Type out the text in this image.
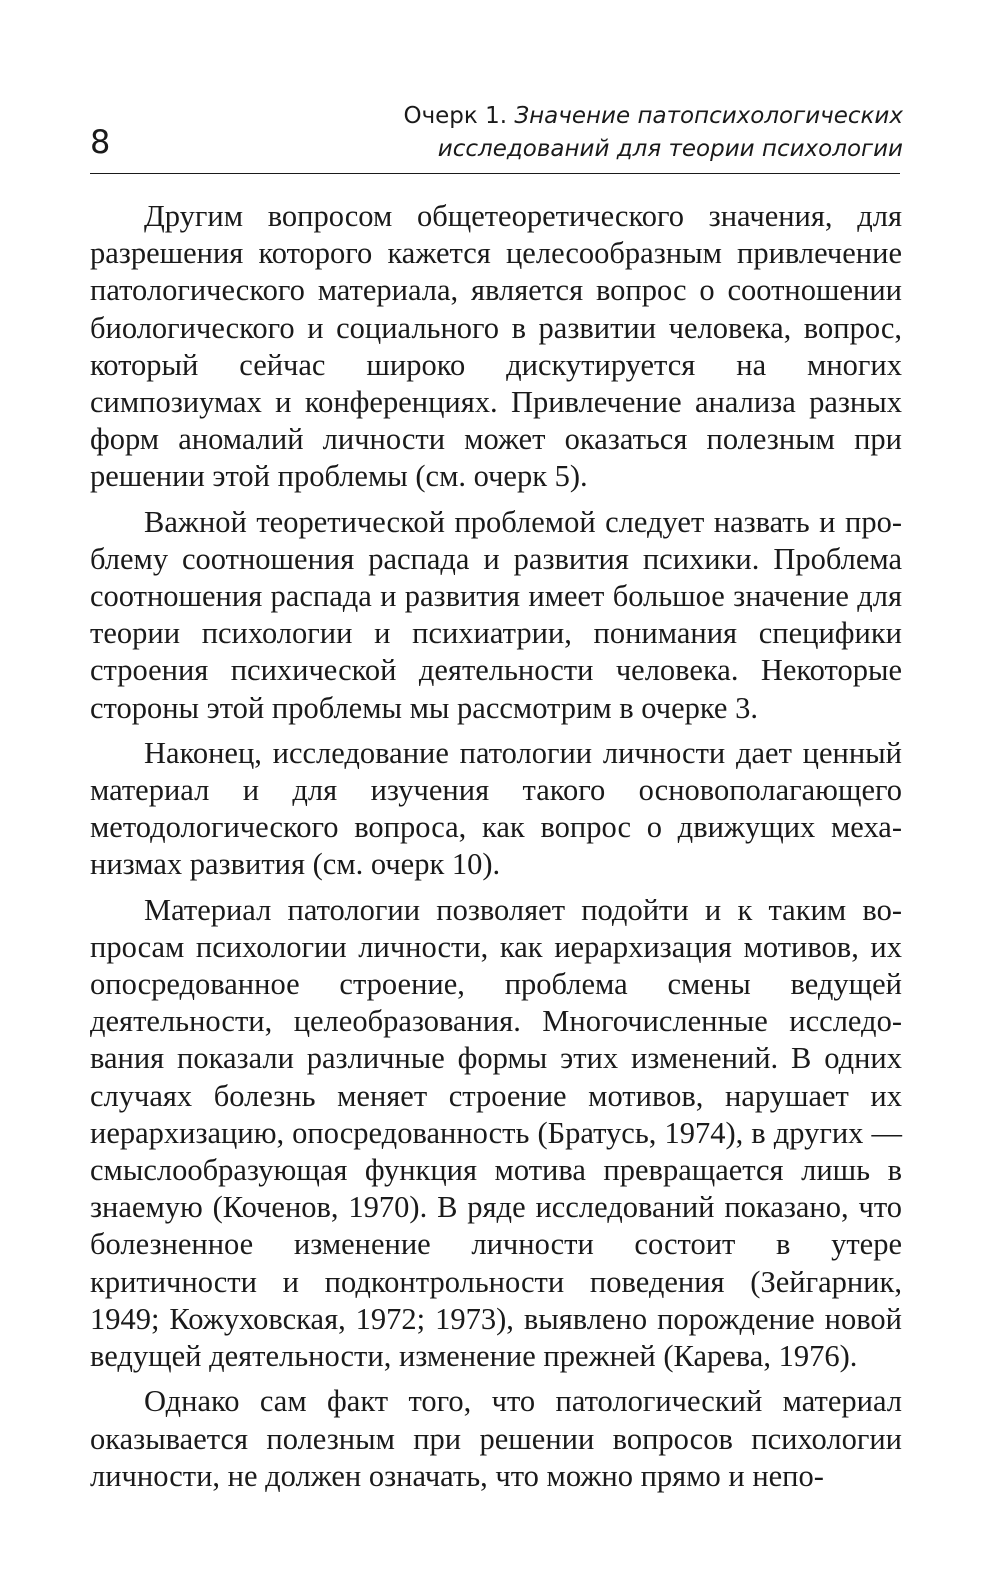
8
Очерк 1. Значение патопсихологических
исследований для теории психологии

Другим вопросом общетеоретического значения, для разрешения которого кажется целесообразным привлечение патологического материала, является вопрос о соотношении биологического и социального в развитии человека, вопрос, который сейчас широко дискутируется на многих симпозиумах и конференциях. Привлечение анализа разных форм аномалий личности может оказаться полезным при решении этой проблемы (см. очерк 5).

Важной теоретической проблемой следует назвать и проблему соотношения распада и развития психики. Проблема соотношения распада и развития имеет большое значение для теории психологии и психиатрии, понимания специфики строения психической деятельности человека. Некоторые стороны этой проблемы мы рассмотрим в очерке 3.

Наконец, исследование патологии личности дает ценный материал и для изучения такого основополагающего методологического вопроса, как вопрос о движущих механизмах развития (см. очерк 10).

Материал патологии позволяет подойти и к таким вопросам психологии личности, как иерархизация мотивов, их опосредованное строение, проблема смены ведущей деятельности, целеобразования. Многочисленные исследования показали различные формы этих изменений. В одних случаях болезнь меняет строение мотивов, нарушает их иерархизацию, опосредованность (Братусь, 1974), в других — смыслообразующая функция мотива превращается лишь в знаемую (Коченов, 1970). В ряде исследований показано, что болезненное изменение личности состоит в утере критичности и подконтрольности поведения (Зейгарник, 1949; Кожуховская, 1972; 1973), выявлено порождение новой ведущей деятельности, изменение прежней (Карева, 1976).

Однако сам факт того, что патологический материал оказывается полезным при решении вопросов психологии личности, не должен означать, что можно прямо и непо-
